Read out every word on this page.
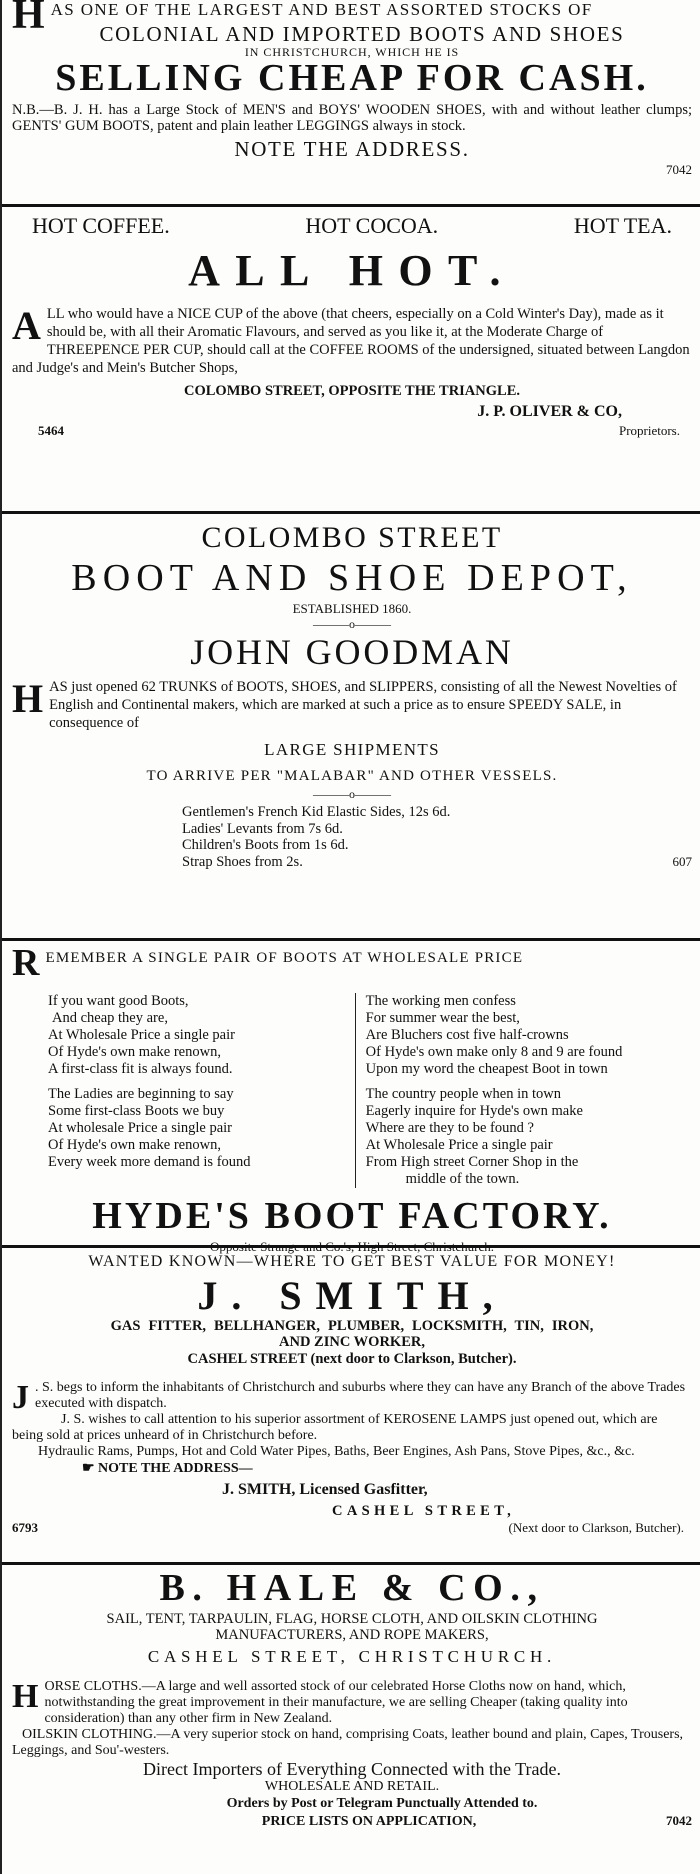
H AS ONE OF THE LARGEST AND BEST ASSORTED STOCKS OF
COLONIAL AND IMPORTED BOOTS AND SHOES
IN CHRISTCHURCH, WHICH HE IS
SELLING CHEAP FOR CASH.

N.B.—B. J. H. has a Large Stock of MEN'S and BOYS' WOODEN SHOES, with and without leather clumps; GENTS' GUM BOOTS, patent and plain leather LEGGINGS always in stock.

NOTE THE ADDRESS.
7042
HOT COFFEE.	HOT COCOA.	HOT TEA.
ALL HOT.
A LL who would have a NICE CUP of the above (that cheers, especially on a Cold Winter's Day), made as it should be, with all their Aromatic Flavours, and served as you like it, at the Moderate Charge of THREEPENCE PER CUP, should call at the COFFEE ROOMS of the undersigned, situated between Langdon and Judge's and Mein's Butcher Shops,
COLOMBO STREET, OPPOSITE THE TRIANGLE.
J. P. OLIVER & CO,
5464	Proprietors.
COLOMBO STREET
BOOT AND SHOE DEPOT,
ESTABLISHED 1860.
———o———
JOHN GOODMAN
H AS just opened 62 TRUNKS of BOOTS, SHOES, and SLIPPERS, consisting of all the Newest Novelties of English and Continental makers, which are marked at such a price as to ensure SPEEDY SALE, in consequence of
LARGE SHIPMENTS
TO ARRIVE PER "MALABAR" AND OTHER VESSELS.
———o———
Gentlemen's French Kid Elastic Sides, 12s 6d.
Ladies' Levants from 7s 6d.
Children's Boots from 1s 6d.
Strap Shoes from 2s.	607
R EMEMBER A SINGLE PAIR OF BOOTS AT WHOLESALE PRICE
If you want good Boots,
And cheap they are,
At Wholesale Price a single pair
Of Hyde's own make renown,
A first-class fit is always found.
The Ladies are beginning to say
Some first-class Boots we buy
At wholesale Price a single pair
Of Hyde's own make renown,
Every week more demand is found
The working men confess
For summer wear the best,
Are Bluchers cost five half-crowns
Of Hyde's own make only 8 and 9 are found
Upon my word the cheapest Boot in town
The country people when in town
Eagerly inquire for Hyde's own make
Where are they to be found ?
At Wholesale Price a single pair
From High street Corner Shop in the
middle of the town.
HYDE'S BOOT FACTORY.
Opposite Strange and Co.'s, High Street, Christchurch.
WANTED KNOWN—WHERE TO GET BEST VALUE FOR MONEY!
J. SMITH,
GAS FITTER, BELLHANGER, PLUMBER, LOCKSMITH, TIN, IRON,
AND ZINC WORKER,
CASHEL STREET (next door to Clarkson, Butcher).
J . S. begs to inform the inhabitants of Christchurch and suburbs where they can have any Branch of the above Trades executed with dispatch.
J. S. wishes to call attention to his superior assortment of KEROSENE LAMPS just opened out, which are being sold at prices unheard of in Christchurch before.
Hydraulic Rams, Pumps, Hot and Cold Water Pipes, Baths, Beer Engines, Ash Pans, Stove Pipes, &c., &c.
☛ NOTE THE ADDRESS—
J. SMITH, Licensed Gasfitter,
CASHEL STREET,
6793	(Next door to Clarkson, Butcher).
B. HALE & CO.,
SAIL, TENT, TARPAULIN, FLAG, HORSE CLOTH, AND OILSKIN CLOTHING
MANUFACTURERS, AND ROPE MAKERS,
CASHEL STREET, CHRISTCHURCH.
H ORSE CLOTHS.—A large and well assorted stock of our celebrated Horse Cloths now on hand, which, notwithstanding the great improvement in their manufacture, we are selling Cheaper (taking quality into consideration) than any other firm in New Zealand.
OILSKIN CLOTHING.—A very superior stock on hand, comprising Coats, leather bound and plain, Capes, Trousers, Leggings, and Sou'-westers.
Direct Importers of Everything Connected with the Trade.
WHOLESALE AND RETAIL.
Orders by Post or Telegram Punctually Attended to.
PRICE LISTS ON APPLICATION,	7042
